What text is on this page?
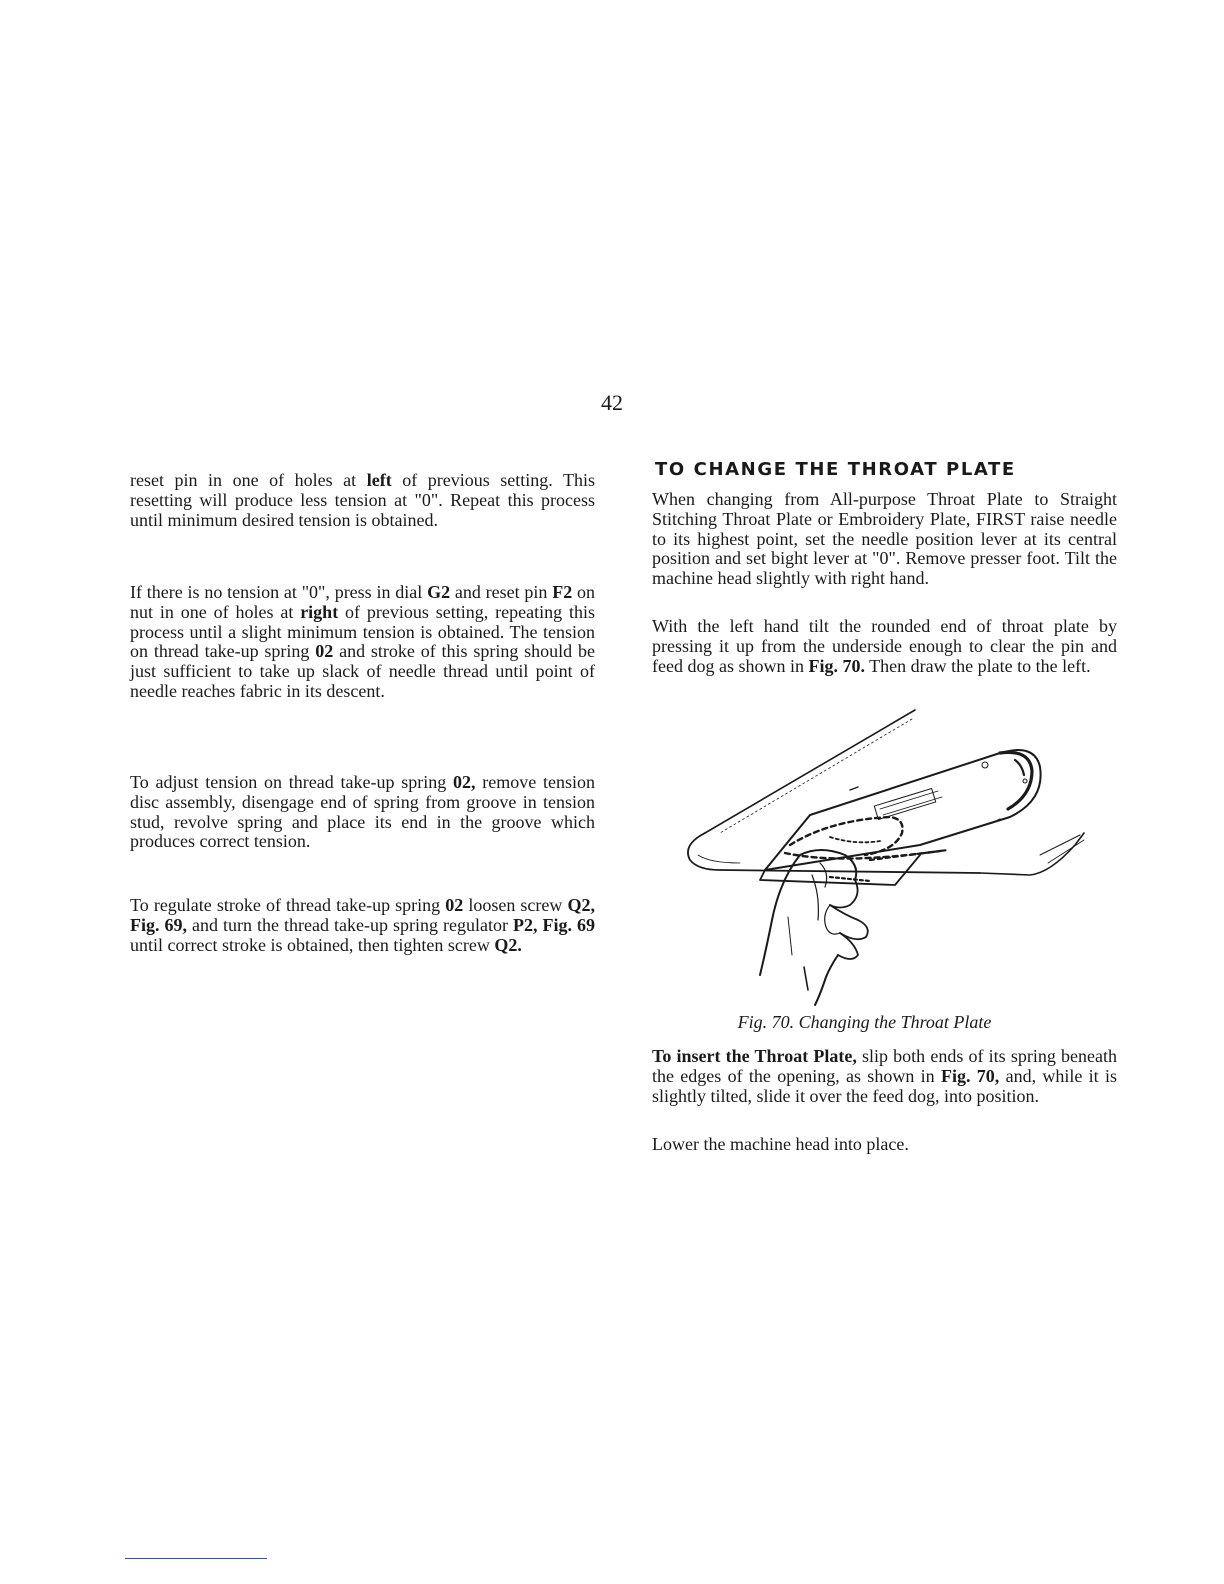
42

reset pin in one of holes at left of previous setting. This resetting will produce less tension at "0". Repeat this process until minimum desired tension is obtained.

If there is no tension at "0", press in dial G2 and reset pin F2 on nut in one of holes at right of previous setting, repeating this process until a slight minimum tension is obtained. The tension on thread take-up spring 02 and stroke of this spring should be just sufficient to take up slack of needle thread until point of needle reaches fabric in its descent.

To adjust tension on thread take-up spring 02, remove tension disc assembly, disengage end of spring from groove in tension stud, revolve spring and place its end in the groove which produces correct tension.

To regulate stroke of thread take-up spring 02 loosen screw Q2, Fig. 69, and turn the thread take-up spring regulator P2, Fig. 69 until correct stroke is obtained, then tighten screw Q2.

TO CHANGE THE THROAT PLATE

When changing from All-purpose Throat Plate to Straight Stitching Throat Plate or Embroidery Plate, FIRST raise needle to its highest point, set the needle position lever at its central position and set bight lever at "0". Remove presser foot. Tilt the machine head slightly with right hand.

With the left hand tilt the rounded end of throat plate by pressing it up from the underside enough to clear the pin and feed dog as shown in Fig. 70. Then draw the plate to the left.

Fig. 70. Changing the Throat Plate

To insert the Throat Plate, slip both ends of its spring beneath the edges of the opening, as shown in Fig. 70, and, while it is slightly tilted, slide it over the feed dog, into position.

Lower the machine head into place.
